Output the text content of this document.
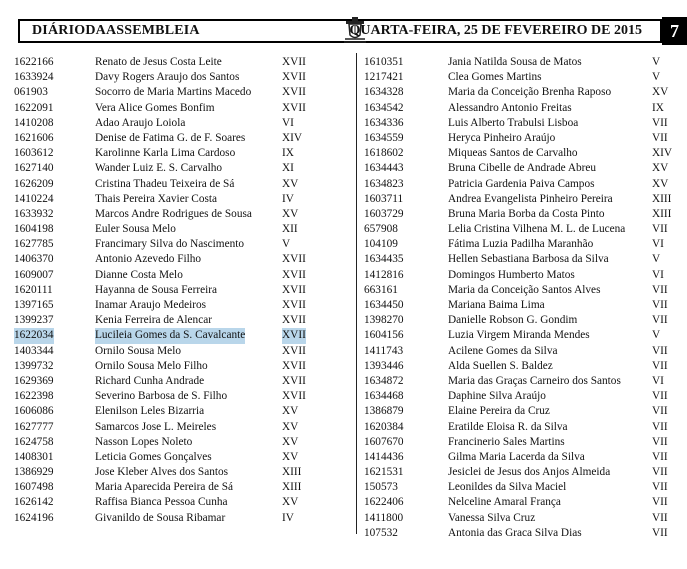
DIÁRIODAASSEMBLEIA	QUARTA-FEIRA, 25 DE FEVEREIRO DE 2015	7
1622166	Renato de Jesus Costa Leite	XVII
1633924	Davy Rogers Araujo dos Santos	XVII
061903	Socorro de Maria Martins Macedo	XVII
1622091	Vera Alice Gomes Bonfim	XVII
1410208	Adao Araujo Loiola	VI
1621606	Denise de Fatima G. de F. Soares	XIV
1603612	Karolinne Karla Lima Cardoso	IX
1627140	Wander Luiz E. S. Carvalho	XI
1626209	Cristina Thadeu Teixeira de Sá	XV
1410224	Thais Pereira Xavier Costa	IV
1633932	Marcos Andre Rodrigues de Sousa	XV
1604198	Euler Sousa Melo	XII
1627785	Francimary Silva do Nascimento	V
1406370	Antonio Azevedo Filho	XVII
1609007	Dianne Costa Melo	XVII
1620111	Hayanna de Sousa Ferreira	XVII
1397165	Inamar Araujo Medeiros	XVII
1399237	Kenia Ferreira de Alencar	XVII
1622034	Lucileia Gomes da S. Cavalcante	XVII
1403344	Ornilo Sousa Melo	XVII
1399732	Ornilo Sousa Melo Filho	XVII
1629369	Richard Cunha Andrade	XVII
1622398	Severino Barbosa de S. Filho	XVII
1606086	Elenilson Leles Bizarria	XV
1627777	Samarcos Jose L. Meireles	XV
1624758	Nasson Lopes Noleto	XV
1408301	Leticia Gomes Gonçalves	XV
1386929	Jose Kleber Alves dos Santos	XIII
1607498	Maria Aparecida Pereira de Sá	XIII
1626142	Raffisa Bianca Pessoa Cunha	XV
1624196	Givanildo de Sousa Ribamar	IV
1610351	Jania Natilda Sousa de Matos	V
1217421	Clea Gomes Martins	V
1634328	Maria da Conceição Brenha Raposo	XV
1634542	Alessandro Antonio Freitas	IX
1634336	Luis Alberto Trabulsi Lisboa	VII
1634559	Heryca Pinheiro Araújo	VII
1618602	Miqueas Santos de Carvalho	XIV
1634443	Bruna Cibelle de Andrade Abreu	XV
1634823	Patricia Gardenia Paiva Campos	XV
1603711	Andrea Evangelista Pinheiro Pereira	XIII
1603729	Bruna Maria Borba da Costa Pinto	XIII
657908	Lelia Cristina Vilhena M. L. de Lucena VII
104109	Fátima Luzia Padilha Maranhão	VI
1634435	Hellen Sebastiana Barbosa da Silva	V
1412816	Domingos Humberto Matos	VI
663161	Maria da Conceição Santos Alves	VII
1634450	Mariana Baima Lima	VII
1398270	Danielle Robson G. Gondim	VII
1604156	Luzia Virgem Miranda Mendes	V
1411743	Acilene Gomes da Silva	VII
1393446	Alda Suellen S. Baldez	VII
1634872	Maria das Graças Carneiro dos Santos	VI
1634468	Daphine Silva Araújo	VII
1386879	Elaine Pereira da Cruz	VII
1620384	Eratilde Eloisa R. da Silva	VII
1607670	Francinerio Sales Martins	VII
1414436	Gilma Maria Lacerda da Silva	VII
1621531	Jesiclei de Jesus dos Anjos Almeida	VII
150573	Leonildes da Silva Maciel	VII
1622406	Nelceline Amaral França	VII
1411800	Vanessa Silva Cruz	VII
107532	Antonia das Graca Silva Dias	VII
